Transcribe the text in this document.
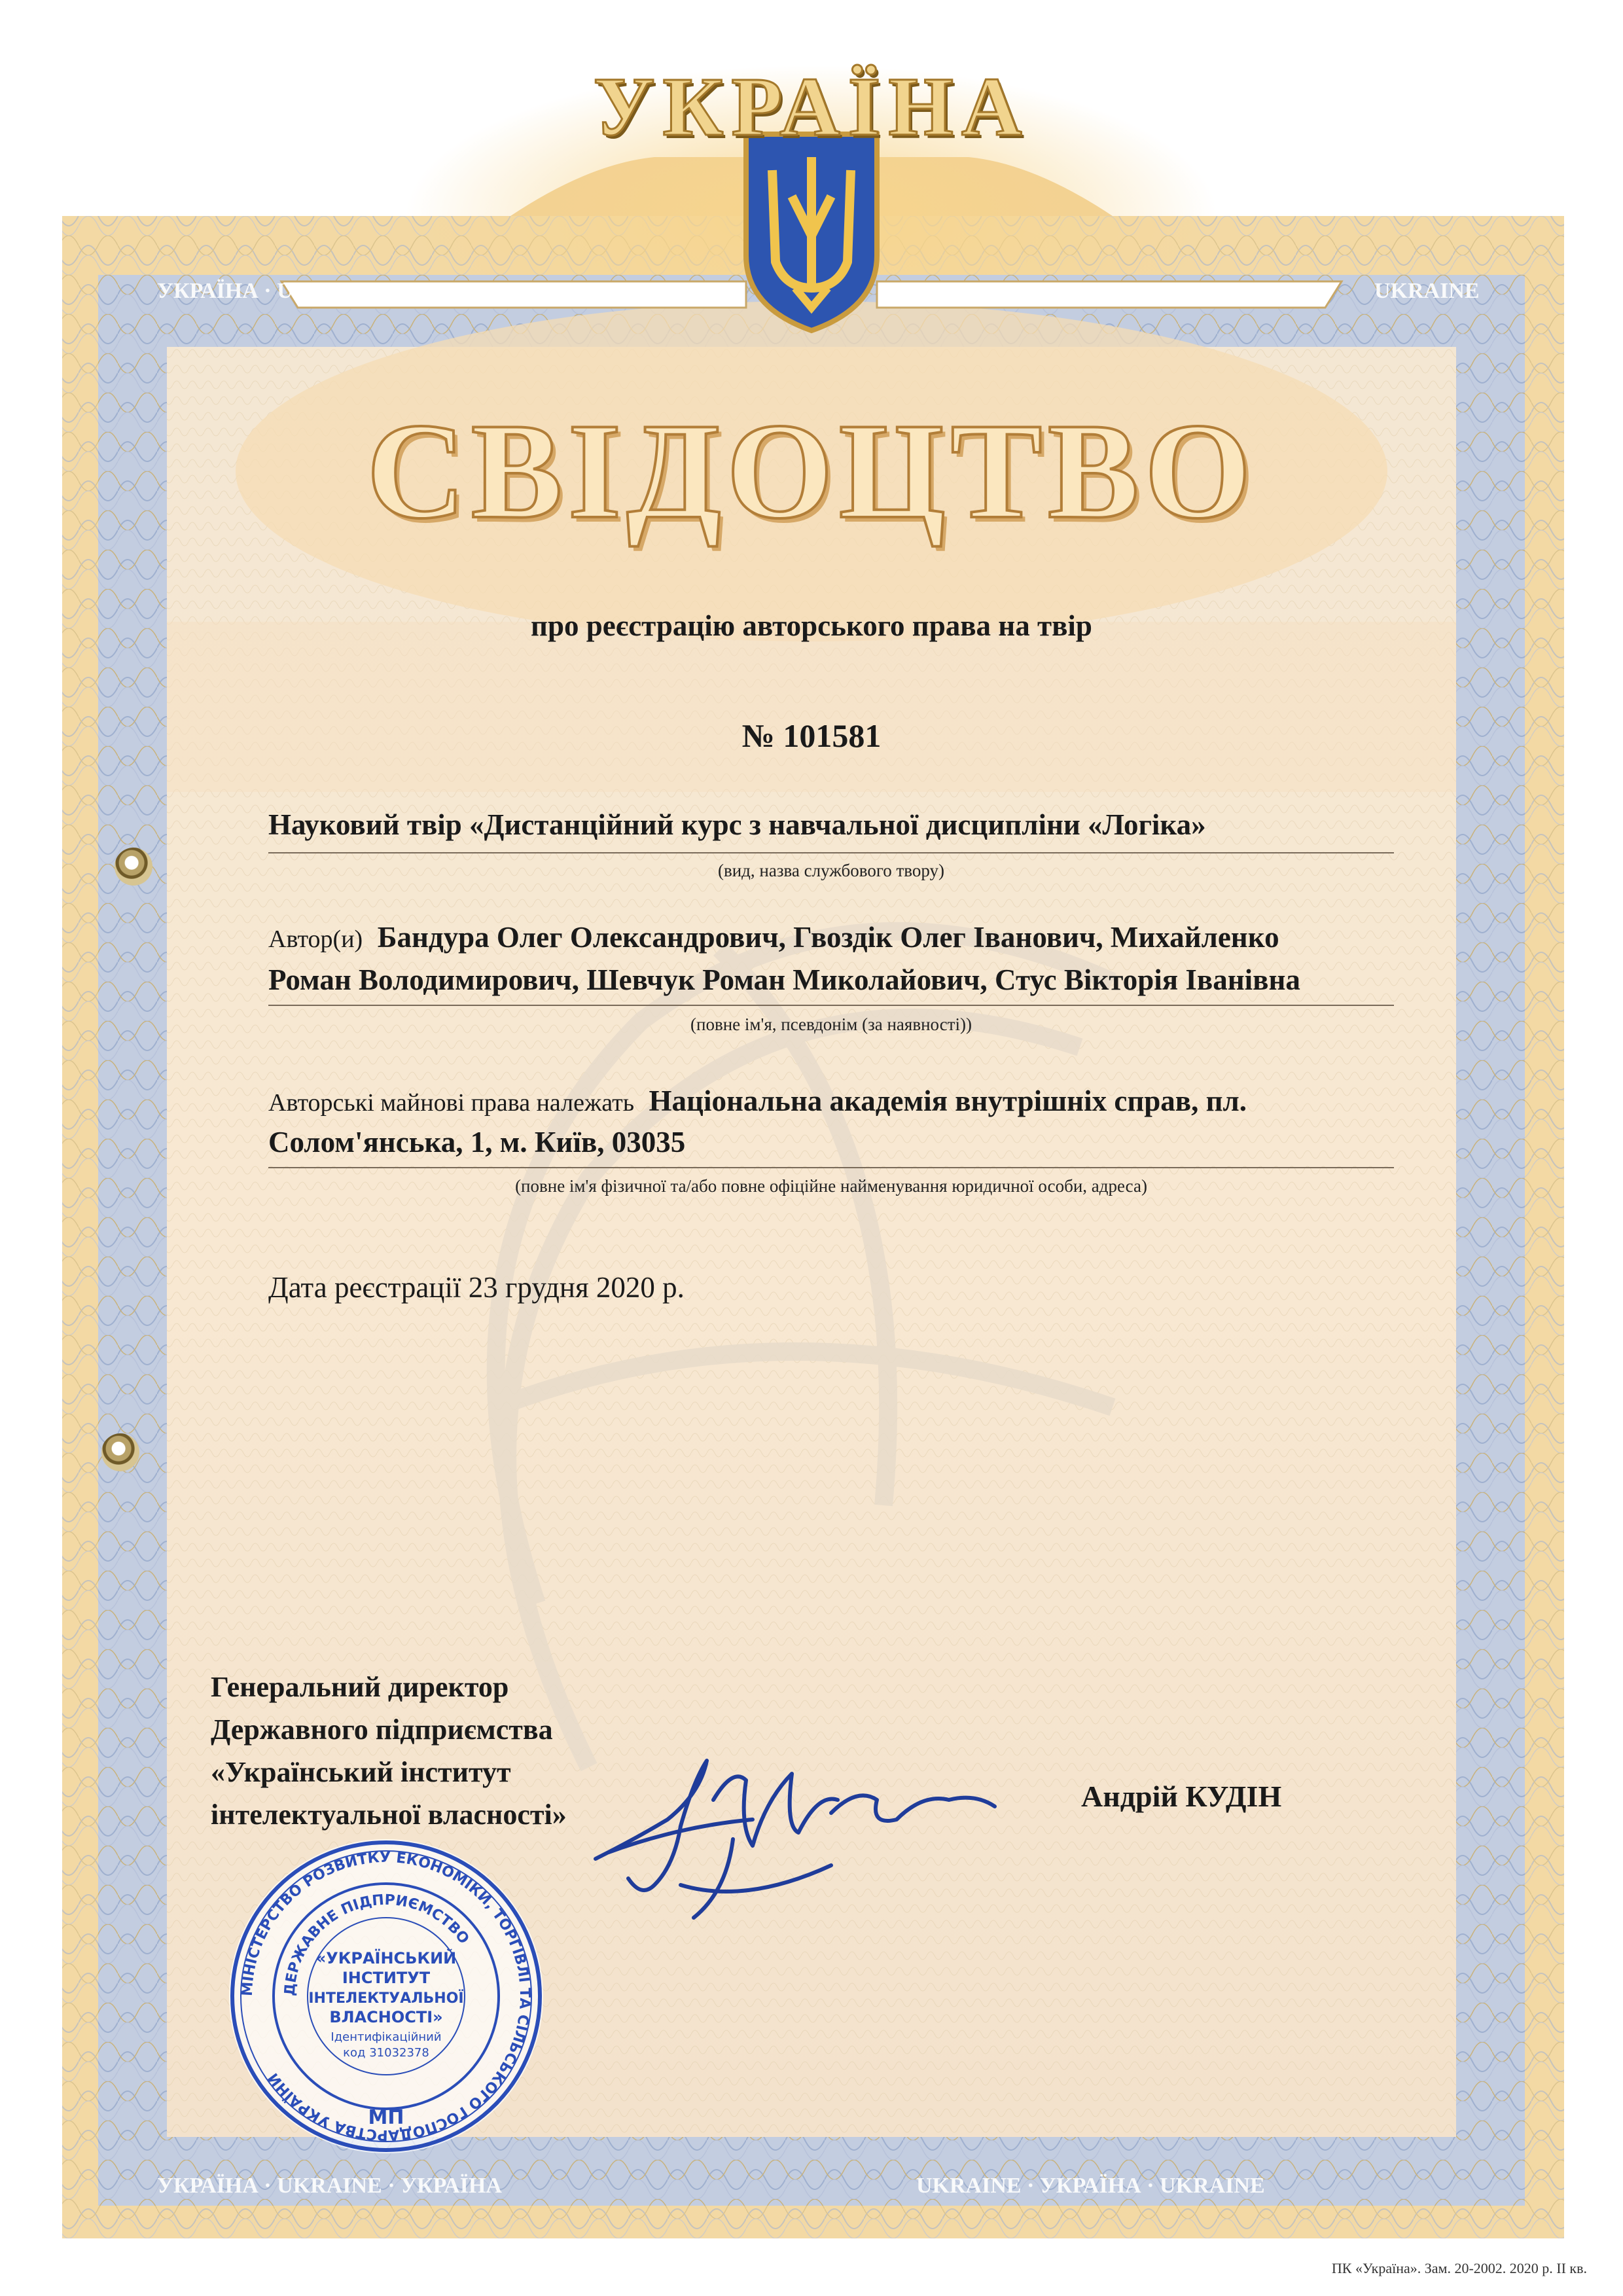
УКРАЇНА · UKRAINE	UKRAINE
УКРАЇНА · UKRAINE · УКРАЇНА	UKRAINE · УКРАЇНА · UKRAINE
УКРАЇНА
СВІДОЦТВО
про реєстрацію авторського права на твір
№ 101581
Науковий твір «Дистанційний курс з навчальної дисципліни «Логіка»
(вид, назва службового твору)
Автор(и) Бандура Олег Олександрович, Гвоздік Олег Іванович, Михайленко
Роман Володимирович, Шевчук Роман Миколайович, Стус Вікторія Іванівна
(повне ім'я, псевдонім (за наявності))
Авторські майнові права належать Національна академія внутрішніх справ, пл.
Солом'янська, 1, м. Київ, 03035
(повне ім'я фізичної та/або повне офіційне найменування юридичної особи, адреса)
Дата реєстрації 23 грудня 2020 р.
Генеральний директор
Державного підприємства
«Український інститут
інтелектуальної власності»
Андрій КУДІН
МІНІСТЕРСТВО РОЗВИТКУ ЕКОНОМІКИ, ТОРГІВЛІ ТА СІЛЬСЬКОГО ГОСПОДАРСТВА УКРАЇНИ
ДЕРЖАВНЕ ПІДПРИЄМСТВО
«УКРАЇНСЬКИЙ
ІНСТИТУТ
ІНТЕЛЕКТУАЛЬНОЇ
ВЛАСНОСТІ»
Ідентифікаційний
код 31032378
МП
ПК «Україна». Зам. 20-2002. 2020 р. ІІ кв.
